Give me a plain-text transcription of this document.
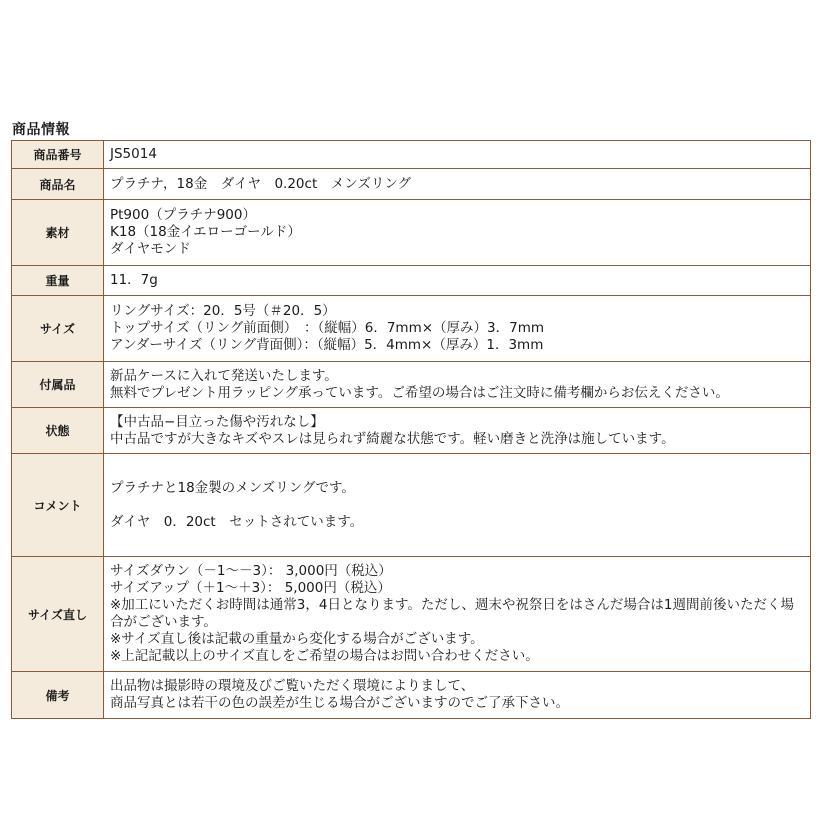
商品情報
商品番号	JS5014

商品名	プラチナ，18金　ダイヤ　0.20ct　メンズリング

素材	Pt900（プラチナ900）
K18（18金イエローゴールド）
ダイヤモンド

重量	11．7g

サイズ	リングサイズ：20．5号（＃20．5）
トップサイズ（リング前面側）　：（縦幅）6．7mm×（厚み）3．7mm
アンダーサイズ（リング背面側）：（縦幅）5．4mm×（厚み）1．3mm

付属品	新品ケースに入れて発送いたします。
無料でプレゼント用ラッピング承っています。ご希望の場合はご注文時に備考欄からお伝えください。

状態	【中古品−目立った傷や汚れなし】
中古品ですが大きなキズやスレは見られず綺麗な状態です。軽い磨きと洗浄は施しています。

コメント	プラチナと18金製のメンズリングです。
ダイヤ　0．20ct　セットされています。

サイズ直し	サイズダウン（－1～－3）： 3,000円（税込）
サイズアップ（＋1～＋3）： 5,000円（税込）
※加工にいただくお時間は通常3，4日となります。ただし、週末や祝祭日をはさんだ場合は1週間前後いただく場合がございます。
※サイズ直し後は記載の重量から変化する場合がございます。
※上記記載以上のサイズ直しをご希望の場合はお問い合わせください。

備考	出品物は撮影時の環境及びご覧いただく環境によりまして、
商品写真とは若干の色の誤差が生じる場合がございますのでご了承下さい。
